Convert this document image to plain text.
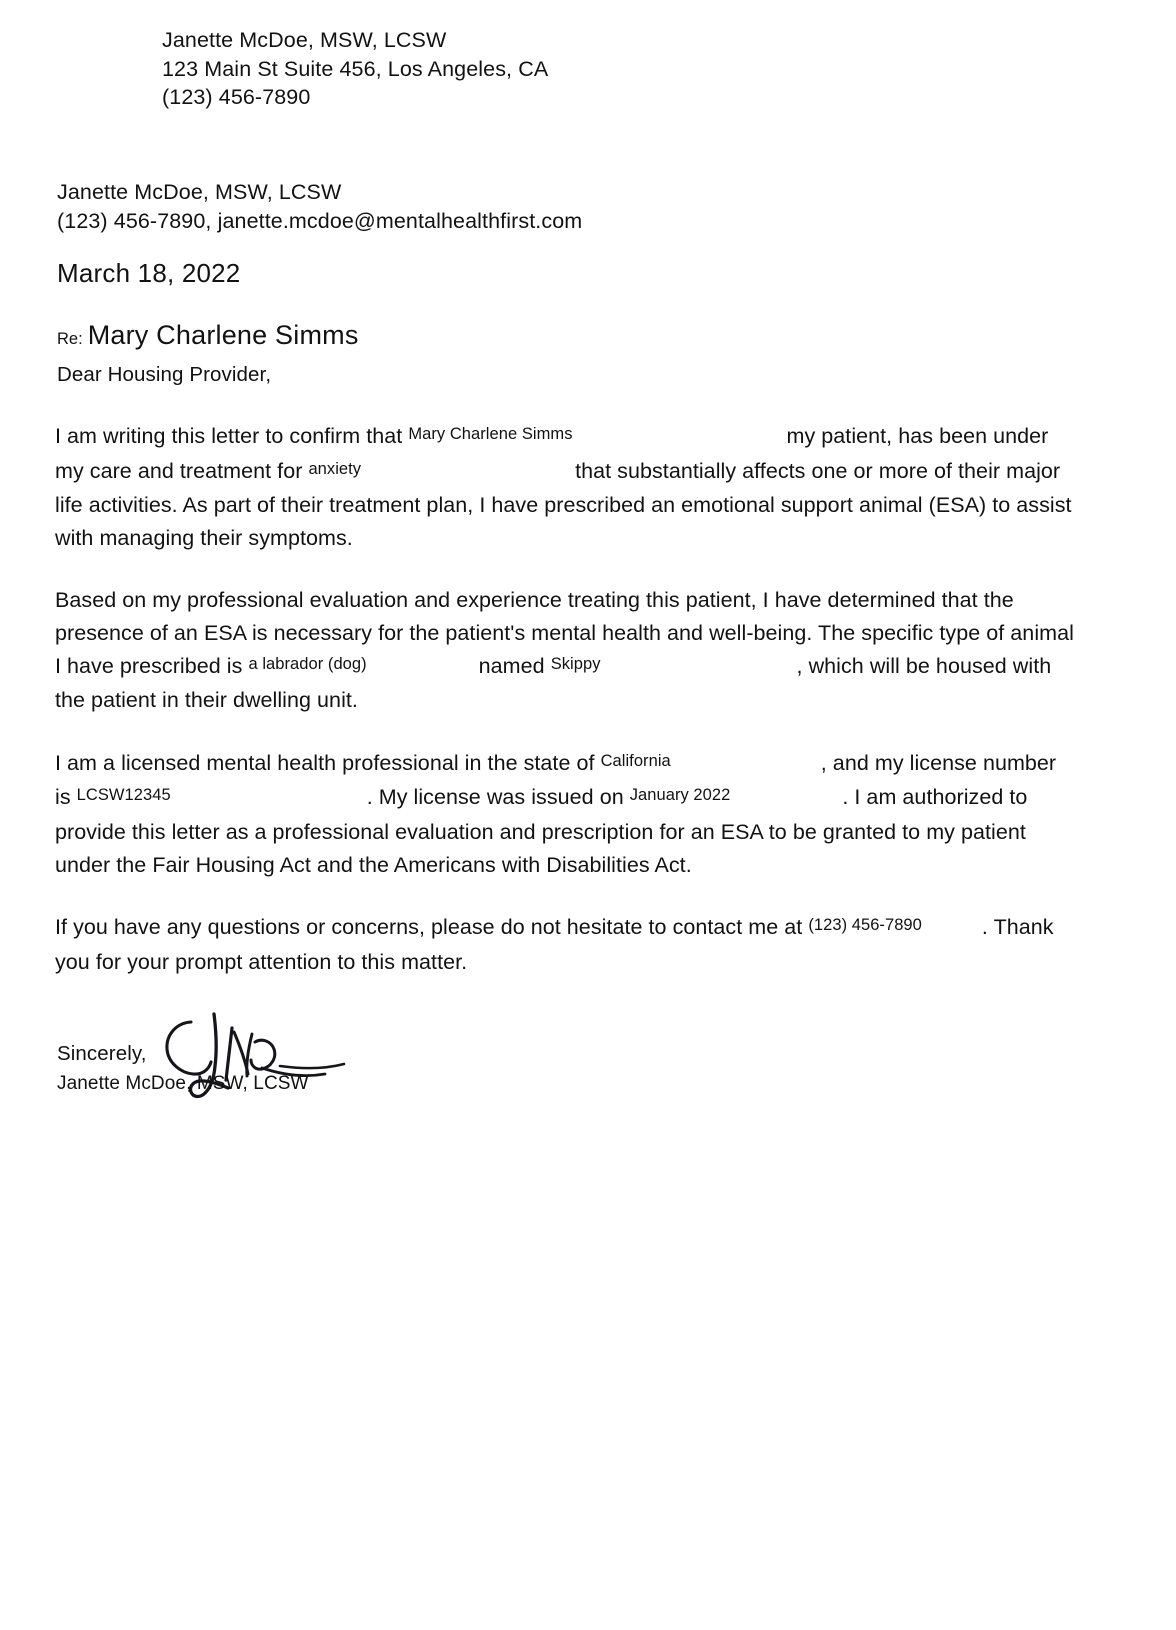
Janette McDoe, MSW, LCSW
123 Main St Suite 456, Los Angeles, CA
(123) 456-7890
Janette McDoe, MSW, LCSW
(123) 456-7890, janette.mcdoe@mentalhealthfirst.com
March 18, 2022
Re: Mary Charlene Simms
Dear Housing Provider,

I am writing this letter to confirm that Mary Charlene Simms	my patient, has been under my care and treatment for anxiety	that substantially affects one or more of their major life activities. As part of their treatment plan, I have prescribed an emotional support animal (ESA) to assist with managing their symptoms.

Based on my professional evaluation and experience treating this patient, I have determined that the presence of an ESA is necessary for the patient's mental health and well-being. The specific type of animal I have prescribed is a labrador (dog)	named Skippy	, which will be housed with the patient in their dwelling unit.

I am a licensed mental health professional in the state of California	, and my license number is LCSW12345	. My license was issued on January 2022	. I am authorized to provide this letter as a professional evaluation and prescription for an ESA to be granted to my patient under the Fair Housing Act and the Americans with Disabilities Act.

If you have any questions or concerns, please do not hesitate to contact me at (123) 456-7890	. Thank you for your prompt attention to this matter.

Sincerely,
Janette McDoe, MSW, LCSW
